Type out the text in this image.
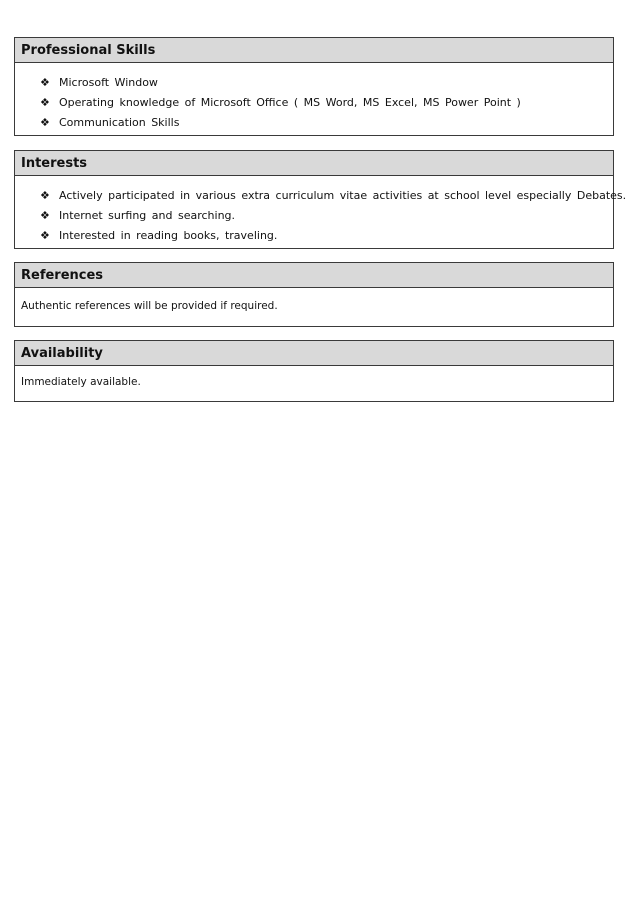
Professional Skills
❖ Microsoft Window
❖ Operating knowledge of Microsoft Office ( MS Word, MS Excel, MS Power Point )
❖ Communication Skills
Interests
❖ Actively participated in various extra curriculum vitae activities at school level especially Debates.
❖ Internet surfing and searching.
❖ Interested in reading books, traveling.
References
Authentic references will be provided if required.
Availability
Immediately available.
